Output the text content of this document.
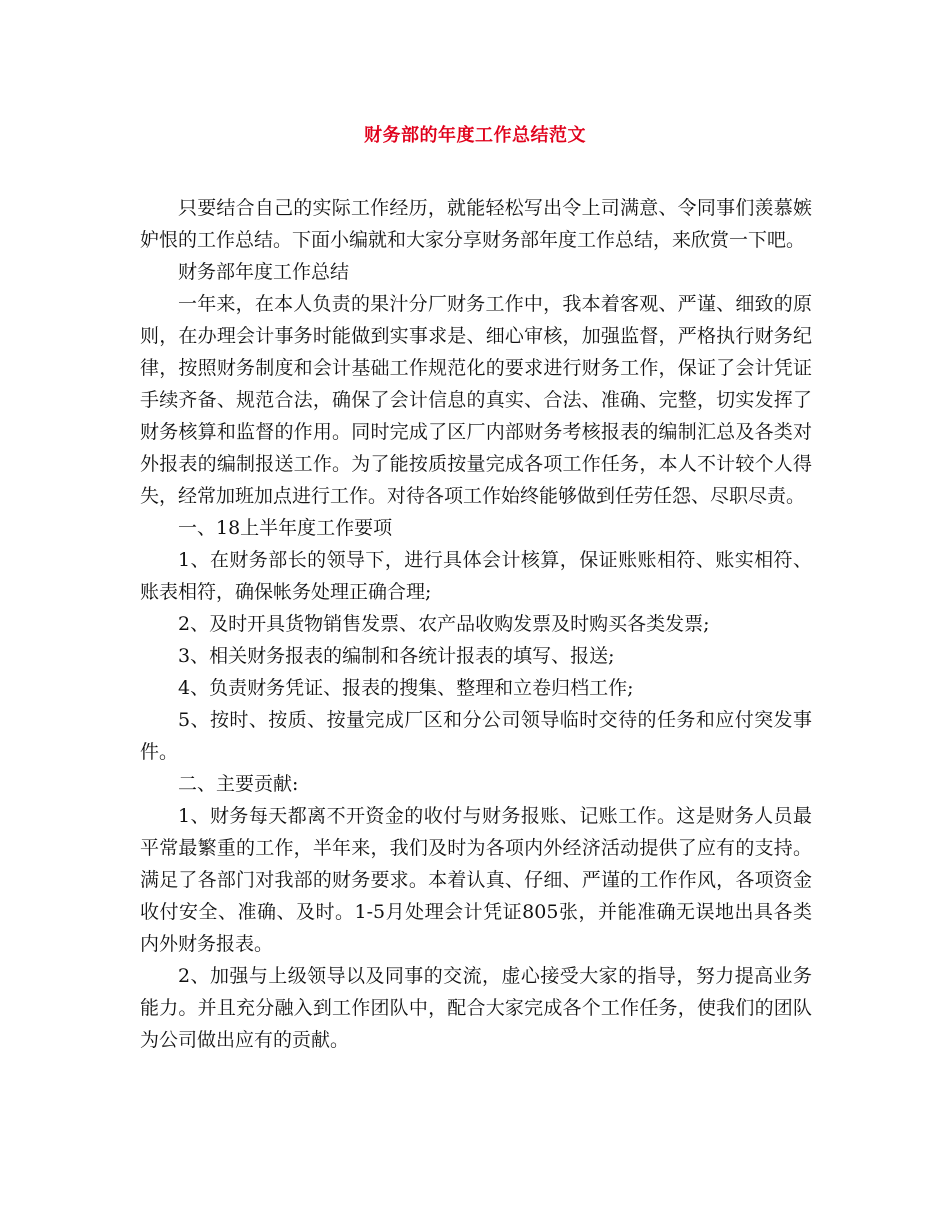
财务部的年度工作总结范文

只要结合自己的实际工作经历，就能轻松写出令上司满意、令同事们羡慕嫉妒恨的工作总结。下面小编就和大家分享财务部年度工作总结，来欣赏一下吧。

财务部年度工作总结

一年来，在本人负责的果汁分厂财务工作中，我本着客观、严谨、细致的原则，在办理会计事务时能做到实事求是、细心审核，加强监督，严格执行财务纪律，按照财务制度和会计基础工作规范化的要求进行财务工作，保证了会计凭证手续齐备、规范合法，确保了会计信息的真实、合法、准确、完整，切实发挥了财务核算和监督的作用。同时完成了区厂内部财务考核报表的编制汇总及各类对外报表的编制报送工作。为了能按质按量完成各项工作任务，本人不计较个人得失，经常加班加点进行工作。对待各项工作始终能够做到任劳任怨、尽职尽责。

一、18上半年度工作要项

1、在财务部长的领导下，进行具体会计核算，保证账账相符、账实相符、账表相符，确保帐务处理正确合理;

2、及时开具货物销售发票、农产品收购发票及时购买各类发票;

3、相关财务报表的编制和各统计报表的填写、报送;

4、负责财务凭证、报表的搜集、整理和立卷归档工作;

5、按时、按质、按量完成厂区和分公司领导临时交待的任务和应付突发事件。

二、主要贡献:

1、财务每天都离不开资金的收付与财务报账、记账工作。这是财务人员最平常最繁重的工作，半年来，我们及时为各项内外经济活动提供了应有的支持。满足了各部门对我部的财务要求。本着认真、仔细、严谨的工作作风，各项资金收付安全、准确、及时。1-5月处理会计凭证805张，并能准确无误地出具各类内外财务报表。

2、加强与上级领导以及同事的交流，虚心接受大家的指导，努力提高业务能力。并且充分融入到工作团队中，配合大家完成各个工作任务，使我们的团队为公司做出应有的贡献。
